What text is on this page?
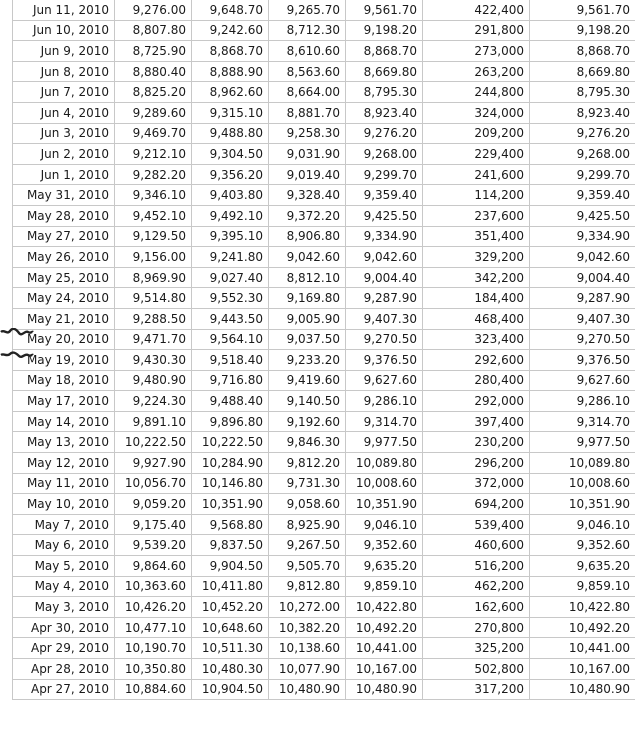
Jun 11, 2010	9,276.00	9,648.70	9,265.70	9,561.70	422,400	9,561.70
Jun 10, 2010	8,807.80	9,242.60	8,712.30	9,198.20	291,800	9,198.20
Jun 9, 2010	8,725.90	8,868.70	8,610.60	8,868.70	273,000	8,868.70
Jun 8, 2010	8,880.40	8,888.90	8,563.60	8,669.80	263,200	8,669.80
Jun 7, 2010	8,825.20	8,962.60	8,664.00	8,795.30	244,800	8,795.30
Jun 4, 2010	9,289.60	9,315.10	8,881.70	8,923.40	324,000	8,923.40
Jun 3, 2010	9,469.70	9,488.80	9,258.30	9,276.20	209,200	9,276.20
Jun 2, 2010	9,212.10	9,304.50	9,031.90	9,268.00	229,400	9,268.00
Jun 1, 2010	9,282.20	9,356.20	9,019.40	9,299.70	241,600	9,299.70
May 31, 2010	9,346.10	9,403.80	9,328.40	9,359.40	114,200	9,359.40
May 28, 2010	9,452.10	9,492.10	9,372.20	9,425.50	237,600	9,425.50
May 27, 2010	9,129.50	9,395.10	8,906.80	9,334.90	351,400	9,334.90
May 26, 2010	9,156.00	9,241.80	9,042.60	9,042.60	329,200	9,042.60
May 25, 2010	8,969.90	9,027.40	8,812.10	9,004.40	342,200	9,004.40
May 24, 2010	9,514.80	9,552.30	9,169.80	9,287.90	184,400	9,287.90
May 21, 2010	9,288.50	9,443.50	9,005.90	9,407.30	468,400	9,407.30
May 20, 2010	9,471.70	9,564.10	9,037.50	9,270.50	323,400	9,270.50
May 19, 2010	9,430.30	9,518.40	9,233.20	9,376.50	292,600	9,376.50
May 18, 2010	9,480.90	9,716.80	9,419.60	9,627.60	280,400	9,627.60
May 17, 2010	9,224.30	9,488.40	9,140.50	9,286.10	292,000	9,286.10
May 14, 2010	9,891.10	9,896.80	9,192.60	9,314.70	397,400	9,314.70
May 13, 2010	10,222.50	10,222.50	9,846.30	9,977.50	230,200	9,977.50
May 12, 2010	9,927.90	10,284.90	9,812.20	10,089.80	296,200	10,089.80
May 11, 2010	10,056.70	10,146.80	9,731.30	10,008.60	372,000	10,008.60
May 10, 2010	9,059.20	10,351.90	9,058.60	10,351.90	694,200	10,351.90
May 7, 2010	9,175.40	9,568.80	8,925.90	9,046.10	539,400	9,046.10
May 6, 2010	9,539.20	9,837.50	9,267.50	9,352.60	460,600	9,352.60
May 5, 2010	9,864.60	9,904.50	9,505.70	9,635.20	516,200	9,635.20
May 4, 2010	10,363.60	10,411.80	9,812.80	9,859.10	462,200	9,859.10
May 3, 2010	10,426.20	10,452.20	10,272.00	10,422.80	162,600	10,422.80
Apr 30, 2010	10,477.10	10,648.60	10,382.20	10,492.20	270,800	10,492.20
Apr 29, 2010	10,190.70	10,511.30	10,138.60	10,441.00	325,200	10,441.00
Apr 28, 2010	10,350.80	10,480.30	10,077.90	10,167.00	502,800	10,167.00
Apr 27, 2010	10,884.60	10,904.50	10,480.90	10,480.90	317,200	10,480.90
